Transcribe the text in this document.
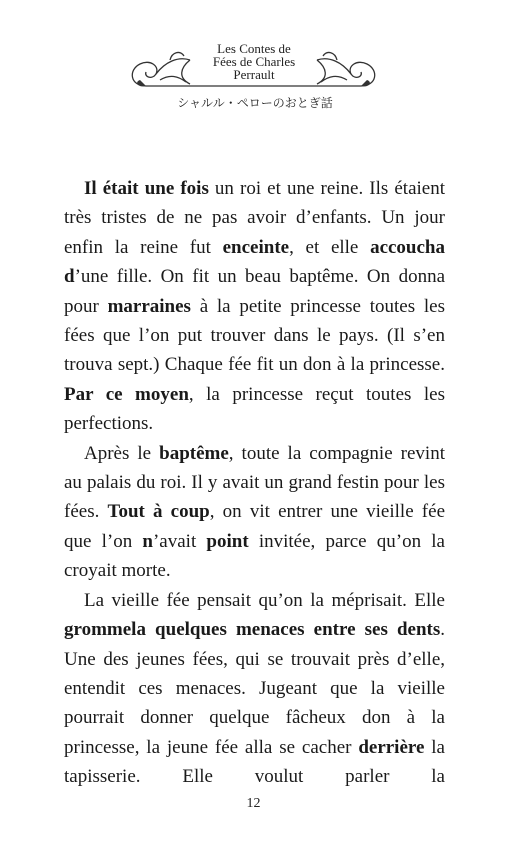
Les Contes de
Fées de Charles
Perrault
シャルル・ペローのおとぎ話

Il était une fois un roi et une reine. Ils étaient très tristes de ne pas avoir d’enfants. Un jour enfin la reine fut enceinte, et elle accoucha d’une fille. On fit un beau baptême. On donna pour marraines à la petite princesse toutes les fées que l’on put trouver dans le pays. (Il s’en trouva sept.) Chaque fée fit un don à la princesse. Par ce moyen, la princesse reçut toutes les perfections.

Après le baptême, toute la compagnie revint au palais du roi. Il y avait un grand festin pour les fées. Tout à coup, on vit entrer une vieille fée que l’on n’avait point invitée, parce qu’on la croyait morte.

La vieille fée pensait qu’on la méprisait. Elle grommela quelques menaces entre ses dents. Une des jeunes fées, qui se trouvait près d’elle, entendit ces menaces. Jugeant que la vieille pourrait donner quelque fâcheux don à la princesse, la jeune fée alla se cacher derrière la tapisserie. Elle voulut parler la

12
